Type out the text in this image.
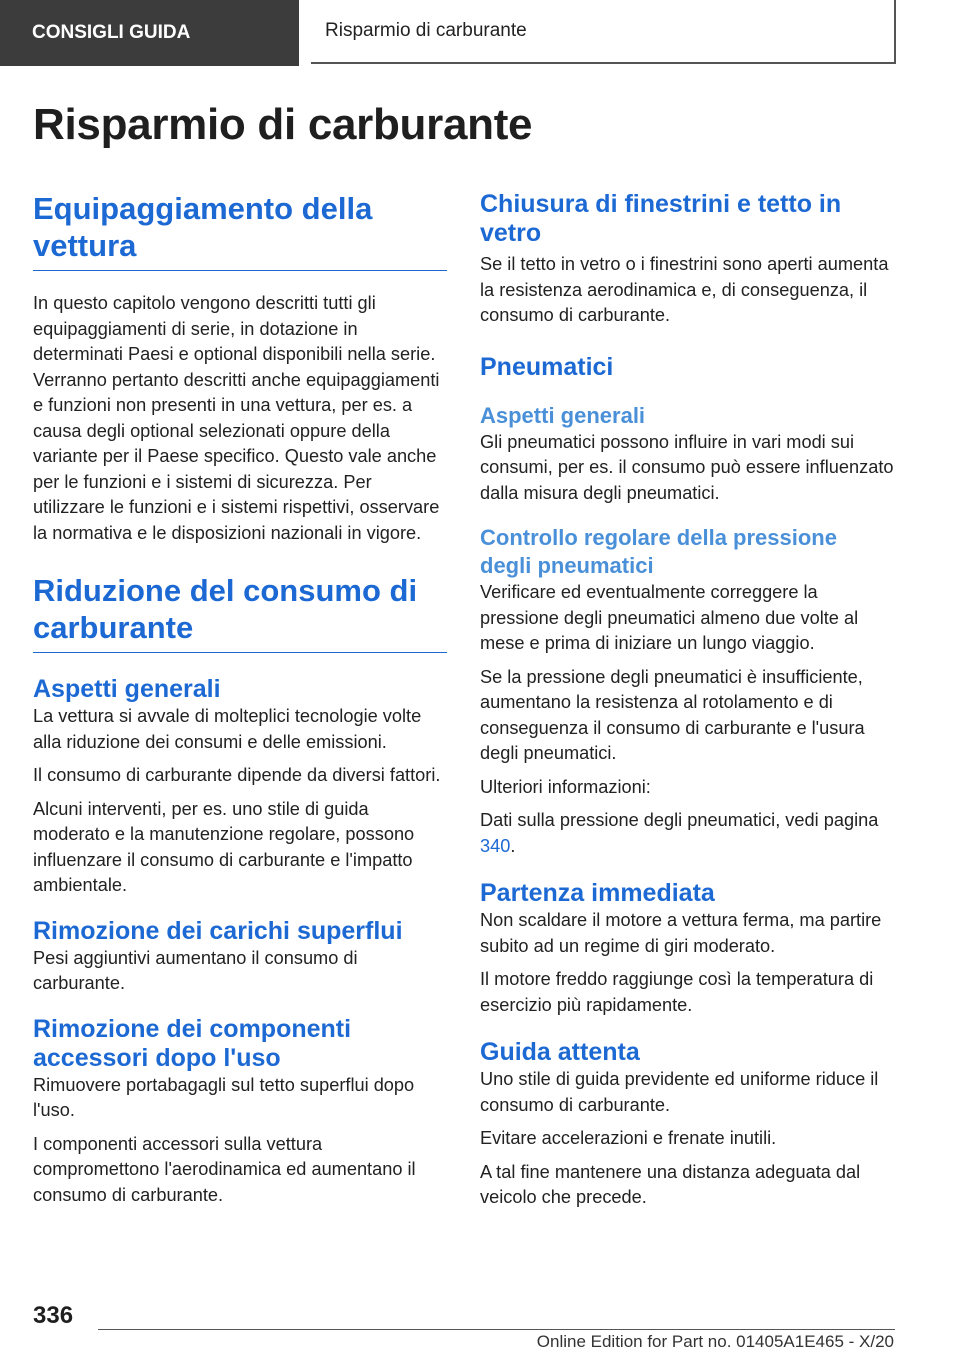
CONSIGLI GUIDA	Risparmio di carburante
Risparmio di carburante
Equipaggiamento della vettura

In questo capitolo vengono descritti tutti gli equipaggiamenti di serie, in dotazione in determinati Paesi e optional disponibili nella serie. Verranno pertanto descritti anche equipaggiamenti e funzioni non presenti in una vettura, per es. a causa degli optional selezionati oppure della variante per il Paese specifico. Questo vale anche per le funzioni e i sistemi di sicurezza. Per utilizzare le funzioni e i sistemi rispettivi, osservare la normativa e le disposizioni nazionali in vigore.

Riduzione del consumo di carburante
Aspetti generali

La vettura si avvale di molteplici tecnologie volte alla riduzione dei consumi e delle emissioni.

Il consumo di carburante dipende da diversi fattori.

Alcuni interventi, per es. uno stile di guida moderato e la manutenzione regolare, possono influenzare il consumo di carburante e l'impatto ambientale.

Rimozione dei carichi superflui

Pesi aggiuntivi aumentano il consumo di carburante.

Rimozione dei componenti accessori dopo l'uso

Rimuovere portabagagli sul tetto superflui dopo l'uso.

I componenti accessori sulla vettura compromettono l'aerodinamica ed aumentano il consumo di carburante.

Chiusura di finestrini e tetto in vetro

Se il tetto in vetro o i finestrini sono aperti aumenta la resistenza aerodinamica e, di conseguenza, il consumo di carburante.

Pneumatici
Aspetti generali

Gli pneumatici possono influire in vari modi sui consumi, per es. il consumo può essere influenzato dalla misura degli pneumatici.

Controllo regolare della pressione degli pneumatici

Verificare ed eventualmente correggere la pressione degli pneumatici almeno due volte al mese e prima di iniziare un lungo viaggio.

Se la pressione degli pneumatici è insufficiente, aumentano la resistenza al rotolamento e di conseguenza il consumo di carburante e l'usura degli pneumatici.

Ulteriori informazioni:

Dati sulla pressione degli pneumatici, vedi pagina 340.

Partenza immediata

Non scaldare il motore a vettura ferma, ma partire subito ad un regime di giri moderato.

Il motore freddo raggiunge così la temperatura di esercizio più rapidamente.

Guida attenta

Uno stile di guida previdente ed uniforme riduce il consumo di carburante.

Evitare accelerazioni e frenate inutili.

A tal fine mantenere una distanza adeguata dal veicolo che precede.

336
Online Edition for Part no. 01405A1E465 - X/20
